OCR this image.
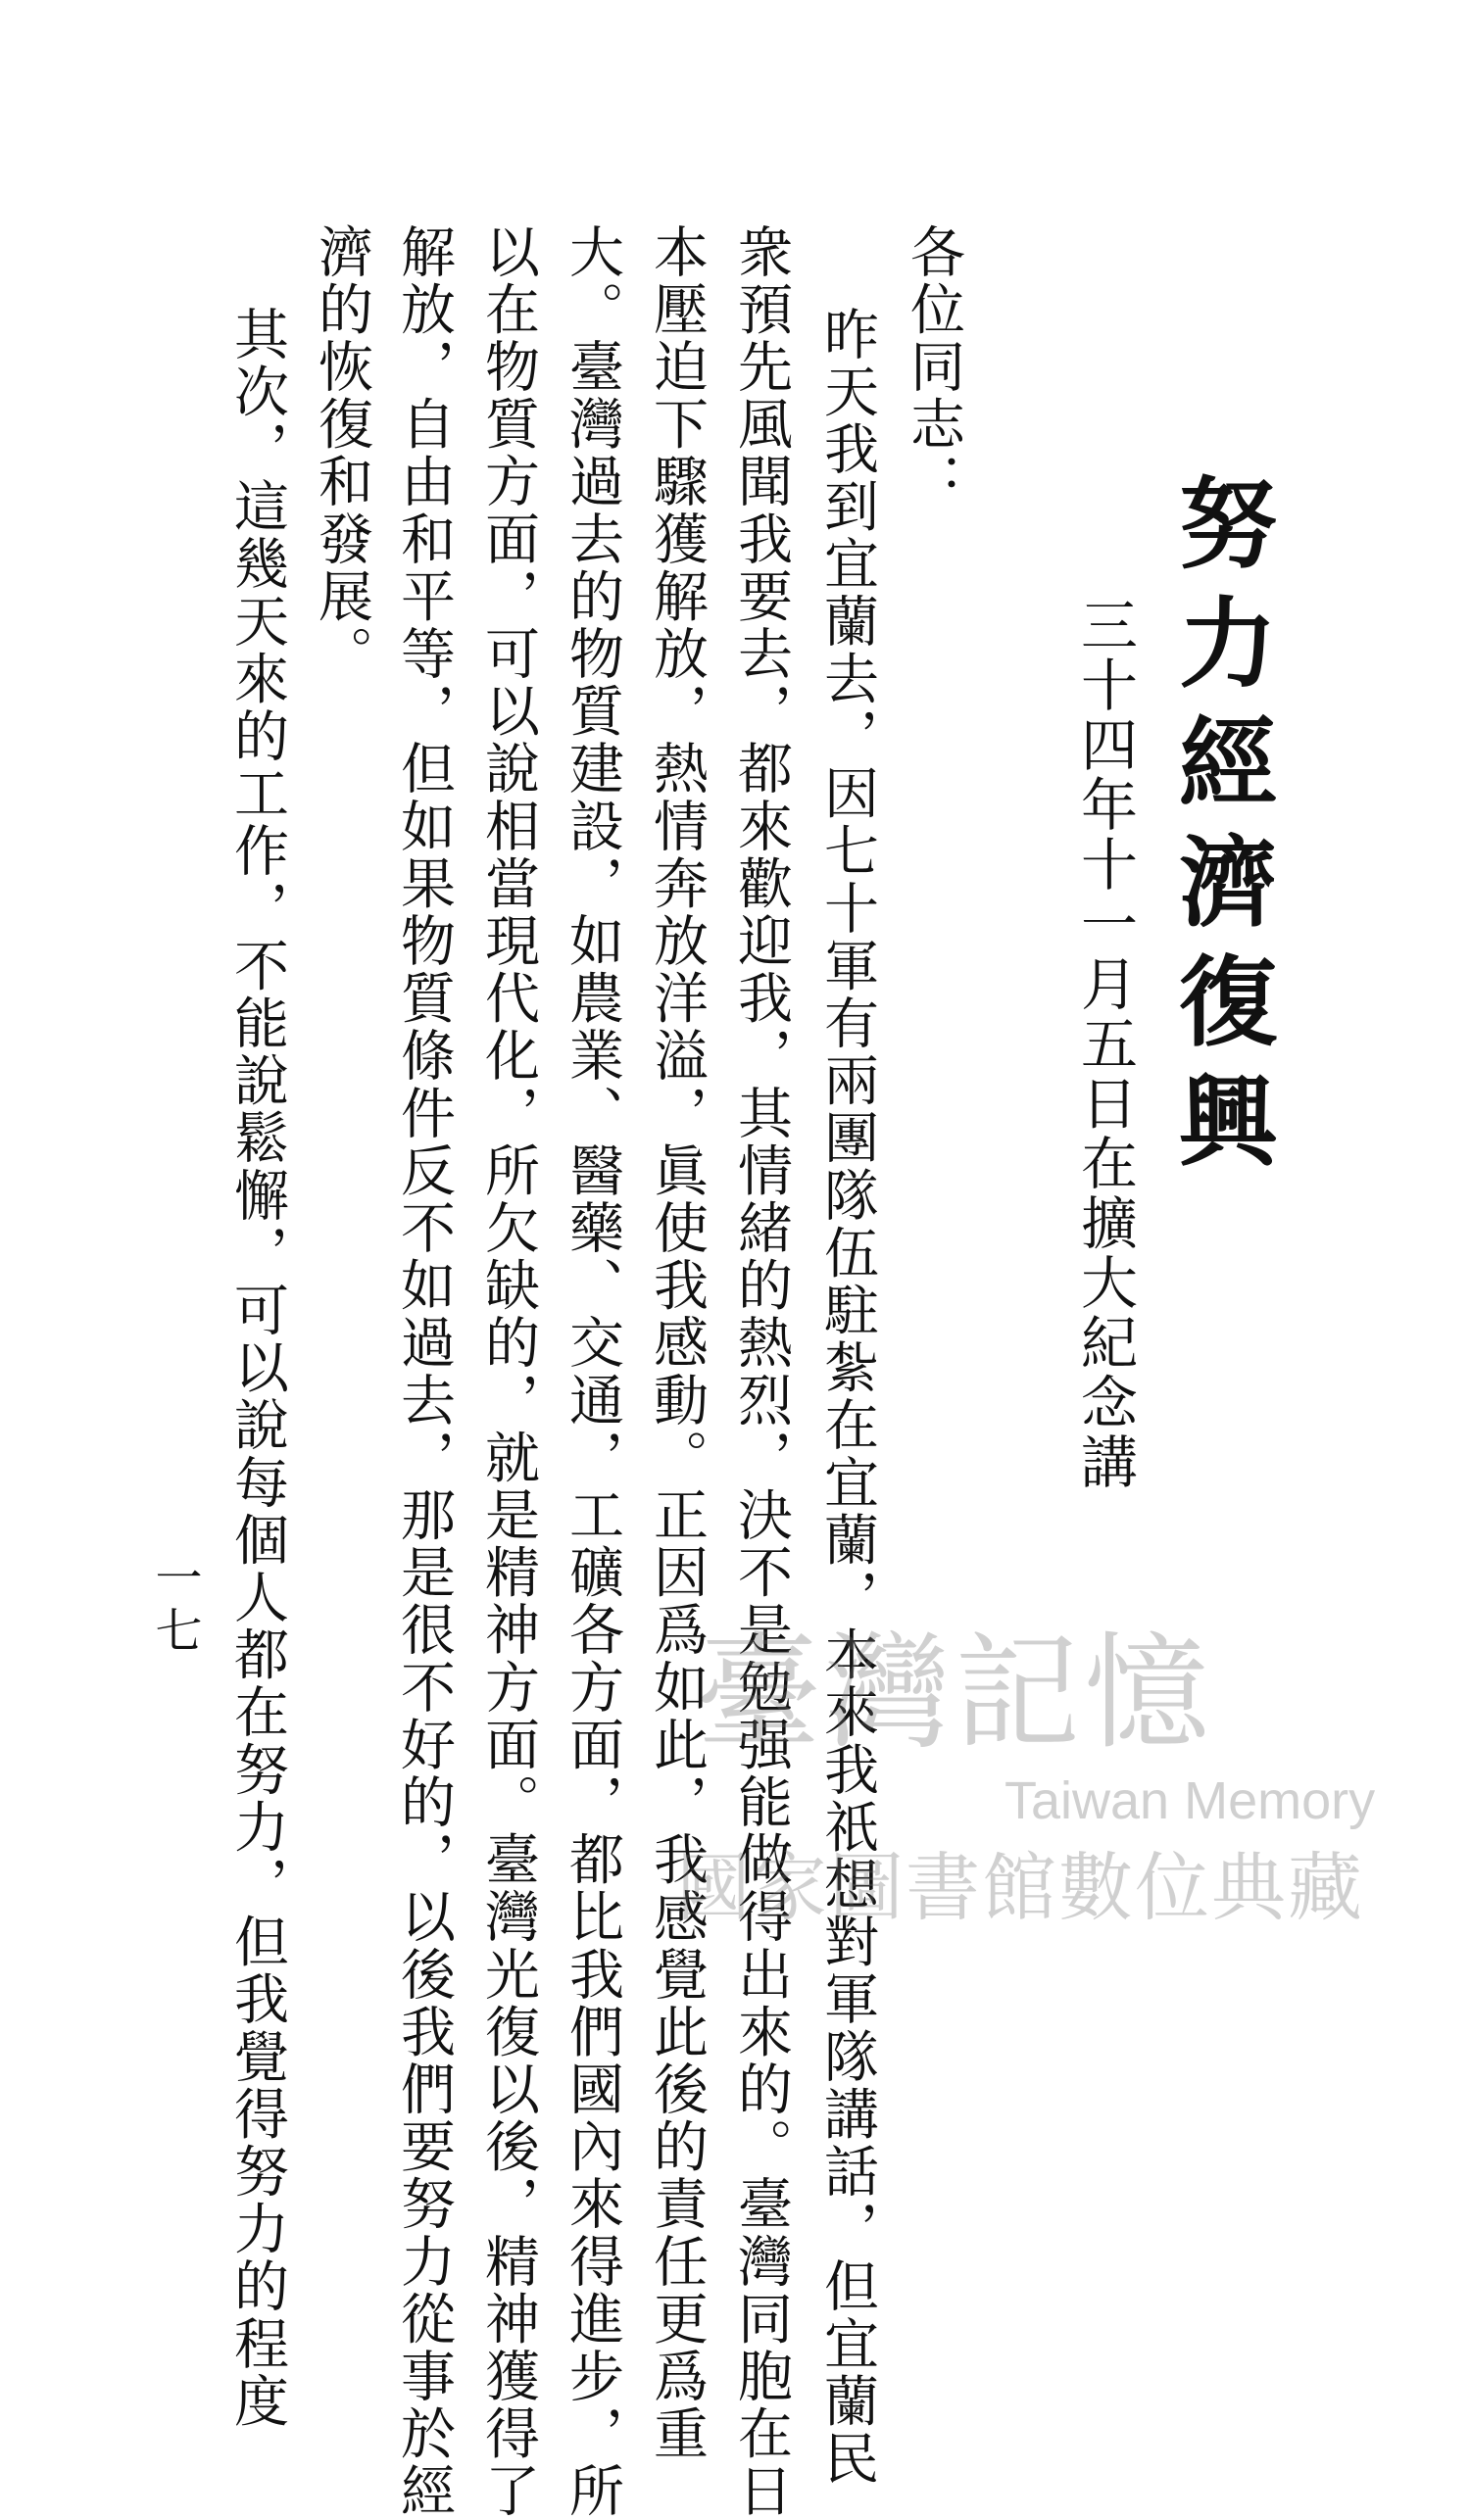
努力經濟復興
三十四年十一月五日在擴大紀念講
各位同志：
昨天我到宜蘭去，因七十軍有兩團隊伍駐紮在宜蘭，本來我祇想對軍隊講話，但宜蘭民
衆預先風聞我要去，都來歡迎我，其情緒的熱烈，決不是勉强能做得出來的。臺灣同胞在日
本壓迫下驟獲解放，熱情奔放洋溢，眞使我感動。正因爲如此，我感覺此後的責任更爲重
大。臺灣過去的物質建設，如農業、醫藥、交通，工礦各方面，都比我們國內來得進步，所
以在物質方面，可以說相當現代化，所欠缺的，就是精神方面。臺灣光復以後，精神獲得了
解放，自由和平等，但如果物質條件反不如過去，那是很不好的，以後我們要努力從事於經
濟的恢復和發展。
其次，這幾天來的工作，不能說鬆懈，可以說每個人都在努力，但我覺得努力的程度
一七
臺灣記憶
Taiwan Memory
國家圖書館數位典藏
